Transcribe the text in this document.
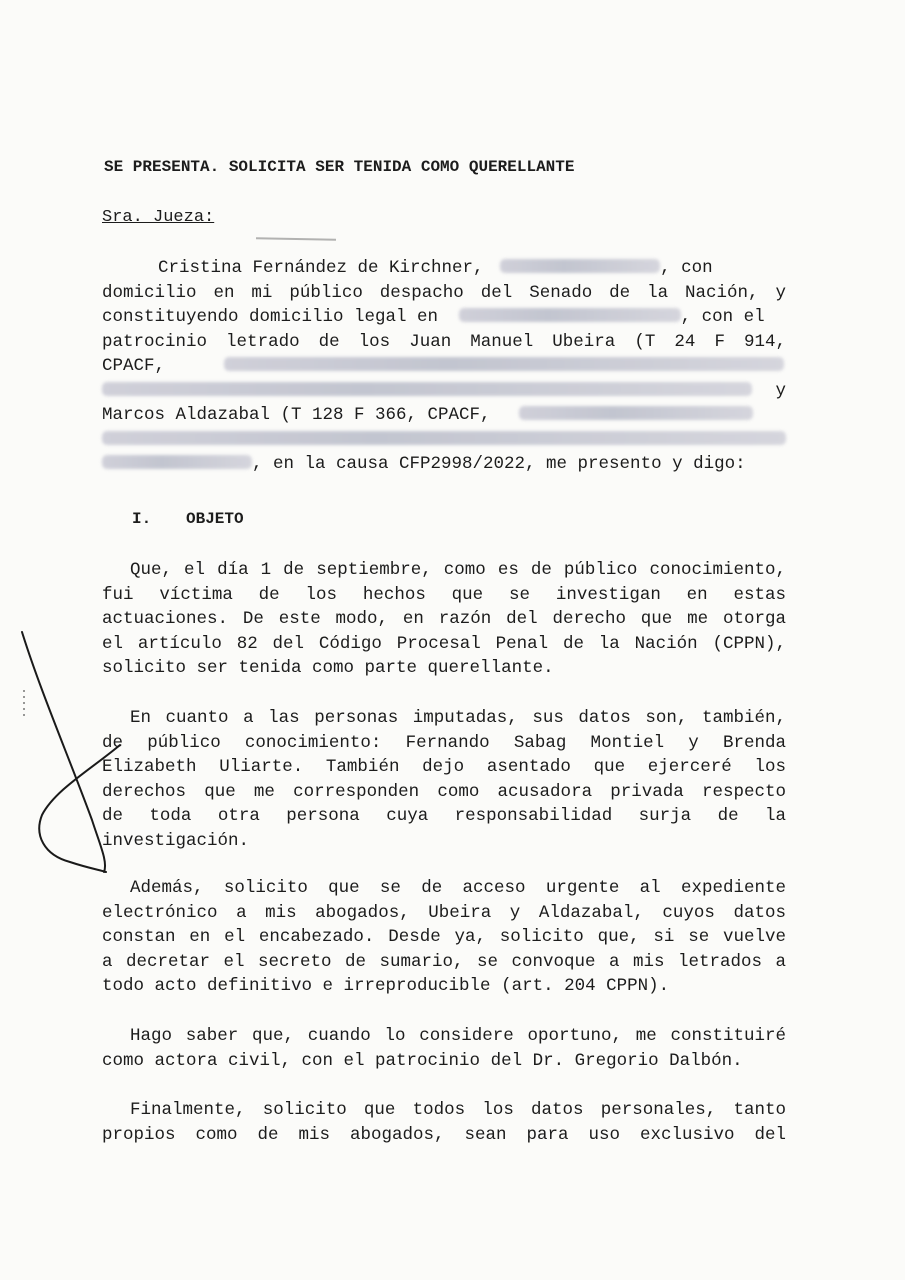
SE PRESENTA. SOLICITA SER TENIDA COMO QUERELLANTE
Sra. Jueza:
Cristina Fernández de Kirchner,	, con
domicilio en mi público despacho del Senado de la Nación, y
constituyendo domicilio legal en	, con el
patrocinio letrado de los Juan Manuel Ubeira (T 24 F 914,
CPACF,
y
Marcos Aldazabal (T 128 F 366, CPACF,
, en la causa CFP2998/2022, me presento y digo:
I. OBJETO
Que, el día 1 de septiembre, como es de público conocimiento,
fui víctima de los hechos que se investigan en estas
actuaciones. De este modo, en razón del derecho que me otorga
el artículo 82 del Código Procesal Penal de la Nación (CPPN),
solicito ser tenida como parte querellante.
En cuanto a las personas imputadas, sus datos son, también,
de público conocimiento: Fernando Sabag Montiel y Brenda
Elizabeth Uliarte. También dejo asentado que ejerceré los
derechos que me corresponden como acusadora privada respecto
de toda otra persona cuya responsabilidad surja de la
investigación.
Además, solicito que se de acceso urgente al expediente
electrónico a mis abogados, Ubeira y Aldazabal, cuyos datos
constan en el encabezado. Desde ya, solicito que, si se vuelve
a decretar el secreto de sumario, se convoque a mis letrados a
todo acto definitivo e irreproducible (art. 204 CPPN).
Hago saber que, cuando lo considere oportuno, me constituiré
como actora civil, con el patrocinio del Dr. Gregorio Dalbón.
Finalmente, solicito que todos los datos personales, tanto
propios como de mis abogados, sean para uso exclusivo del
